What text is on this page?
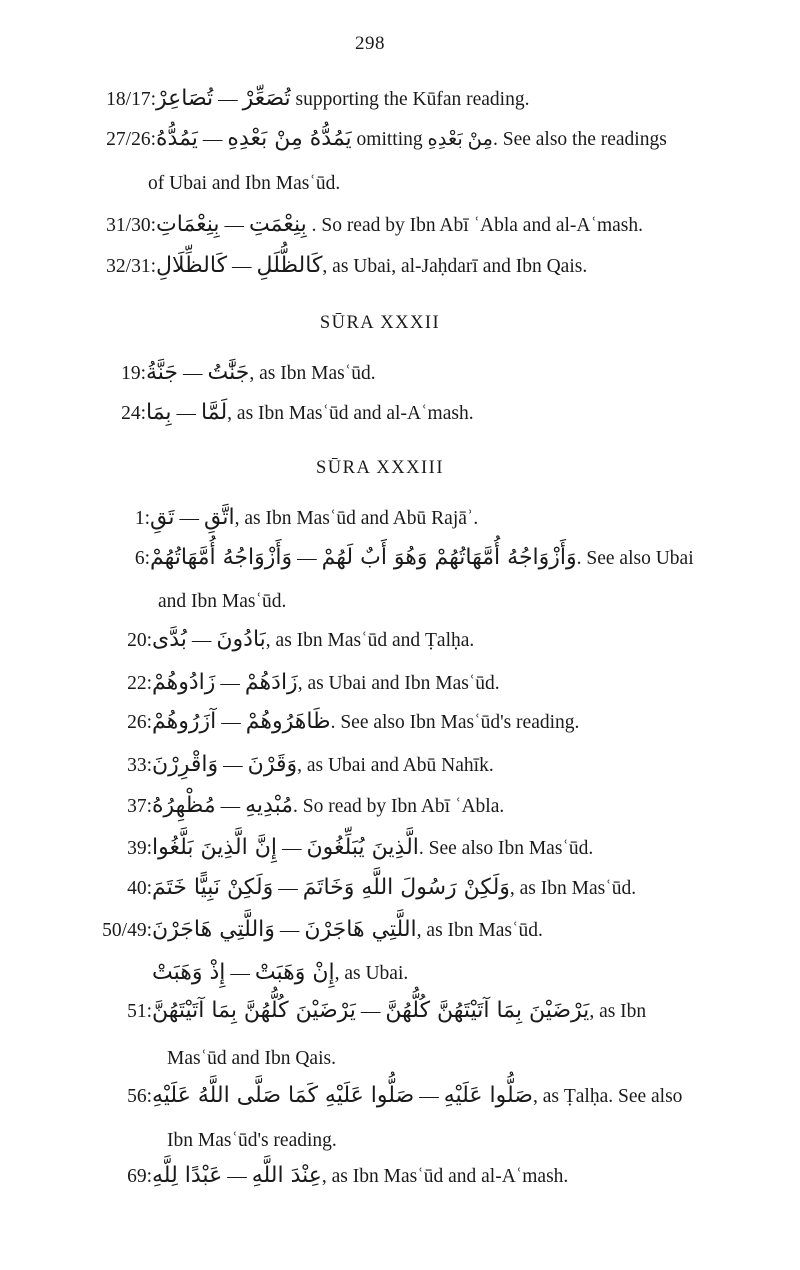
298
SŪRA XXXII
SŪRA XXXIII
18/17:تُصَاعِرْ — تُصَعِّرْ supporting the Kūfan reading.
27/26:يَمُدُّهُ — يَمُدُّهُ مِنْ بَعْدِهِ omitting مِنْ بَعْدِهِ. See also the readings
of Ubai and Ibn Masʿūd.
31/30:بِنِعْمَاتِ — بِنِعْمَتِ . So read by Ibn Abī ʿAbla and al-Aʿmash.
32/31:كَالظِّلَالِ — كَالظُّلَلِ, as Ubai, al-Jaḥdarī and Ibn Qais.
19:جَنَّةُ — جَنَّٰتُ, as Ibn Masʿūd.
24:بِمَا — لَمَّا, as Ibn Masʿūd and al-Aʿmash.
1:تَقِ — اتَّقِ, as Ibn Masʿūd and Abū Rajāʾ.
6:وَأَزْوَاجُهُ أُمَّهَاتُهُمْ — وَأَزْوَاجُهُ أُمَّهَاتُهُمْ وَهُوَ أَبٌ لَهُمْ. See also Ubai
and Ibn Masʿūd.
20:بُدَّى — بَادُونَ, as Ibn Masʿūd and Ṭalḥa.
22:زَادُوهُمْ — زَادَهُمْ, as Ubai and Ibn Masʿūd.
26:آزَرُوهُمْ — ظَاهَرُوهُمْ. See also Ibn Masʿūd's reading.
33:وَاقْرِرْنَ — وَقَرْنَ, as Ubai and Abū Nahīk.
37:مُظْهِرُهُ — مُبْدِيهِ. So read by Ibn Abī ʿAbla.
39:إِنَّ الَّذِينَ بَلَّغُوا — الَّذِينَ يُبَلِّغُونَ. See also Ibn Masʿūd.
40:وَلَكِنْ نَبِيًّا خَتَمَ — وَلَكِنْ رَسُولَ اللَّهِ وَخَاتَمَ, as Ibn Masʿūd.
50/49:وَاللَّتِي هَاجَرْنَ — اللَّتِي هَاجَرْنَ, as Ibn Masʿūd.
إِذْ وَهَبَتْ — إِنْ وَهَبَتْ, as Ubai.
51:يَرْضَيْنَ كُلُّهُنَّ بِمَا آتَيْتَهُنَّ — يَرْضَيْنَ بِمَا آتَيْتَهُنَّ كُلُّهُنَّ, as Ibn
Masʿūd and Ibn Qais.
56:صَلُّوا عَلَيْهِ كَمَا صَلَّى اللَّهُ عَلَيْهِ — صَلُّوا عَلَيْهِ, as Ṭalḥa. See also
Ibn Masʿūd's reading.
69:عَبْدًا لِلَّهِ — عِنْدَ اللَّهِ, as Ibn Masʿūd and al-Aʿmash.
